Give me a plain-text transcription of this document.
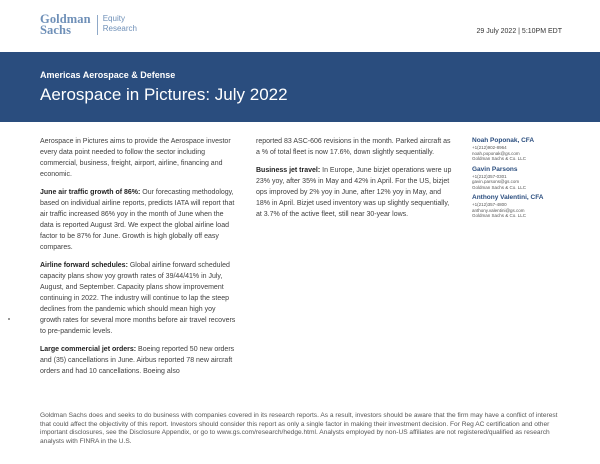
Goldman
Sachs
Equity
Research	29 July 2022 | 5:10PM EDT
Americas Aerospace & Defense
Aerospace in Pictures: July 2022

Aerospace in Pictures aims to provide the Aerospace investor every data point needed to follow the sector including commercial, business, freight, airport, airline, financing and economic.

June air traffic growth of 86%: Our forecasting methodology, based on individual airline reports, predicts IATA will report that air traffic increased 86% yoy in the month of June when the data is reported August 3rd. We expect the global airline load factor to be 87% for June. Growth is high globally off easy compares.

Airline forward schedules: Global airline forward scheduled capacity plans show yoy growth rates of 39/44/41% in July, August, and September. Capacity plans show improvement continuing in 2022. The industry will continue to lap the steep declines from the pandemic which should mean high yoy growth rates for several more months before air travel recovers to pre-pandemic levels.

Large commercial jet orders: Boeing reported 50 new orders and (35) cancellations in June. Airbus reported 78 new aircraft orders and had 10 cancellations. Boeing also

reported 83 ASC-606 revisions in the month. Parked aircraft as a % of total fleet is now 17.6%, down slightly sequentially.

Business jet travel: In Europe, June bizjet operations were up 23% yoy, after 35% in May and 42% in April. For the US, bizjet ops improved by 2% yoy in June, after 12% yoy in May, and 18% in April. Bizjet used inventory was up slightly sequentially, at 3.7% of the active fleet, still near 30-year lows.

Noah Poponak, CFA
+1(212)902-8964
noah.poponak@gs.com
Goldman Sachs & Co. LLC
Gavin Parsons
+1(212)357-0301
gavin.parsons@gs.com
Goldman Sachs & Co. LLC
Anthony Valentini, CFA
+1(212)357-4800
anthony.valentini@gs.com
Goldman Sachs & Co. LLC
Goldman Sachs does and seeks to do business with companies covered in its research reports. As a result, investors should be aware that the firm may have a conflict of interest that could affect the objectivity of this report. Investors should consider this report as only a single factor in making their investment decision. For Reg AC certification and other important disclosures, see the Disclosure Appendix, or go to www.gs.com/research/hedge.html. Analysts employed by non-US affiliates are not registered/qualified as research analysts with FINRA in the U.S.
